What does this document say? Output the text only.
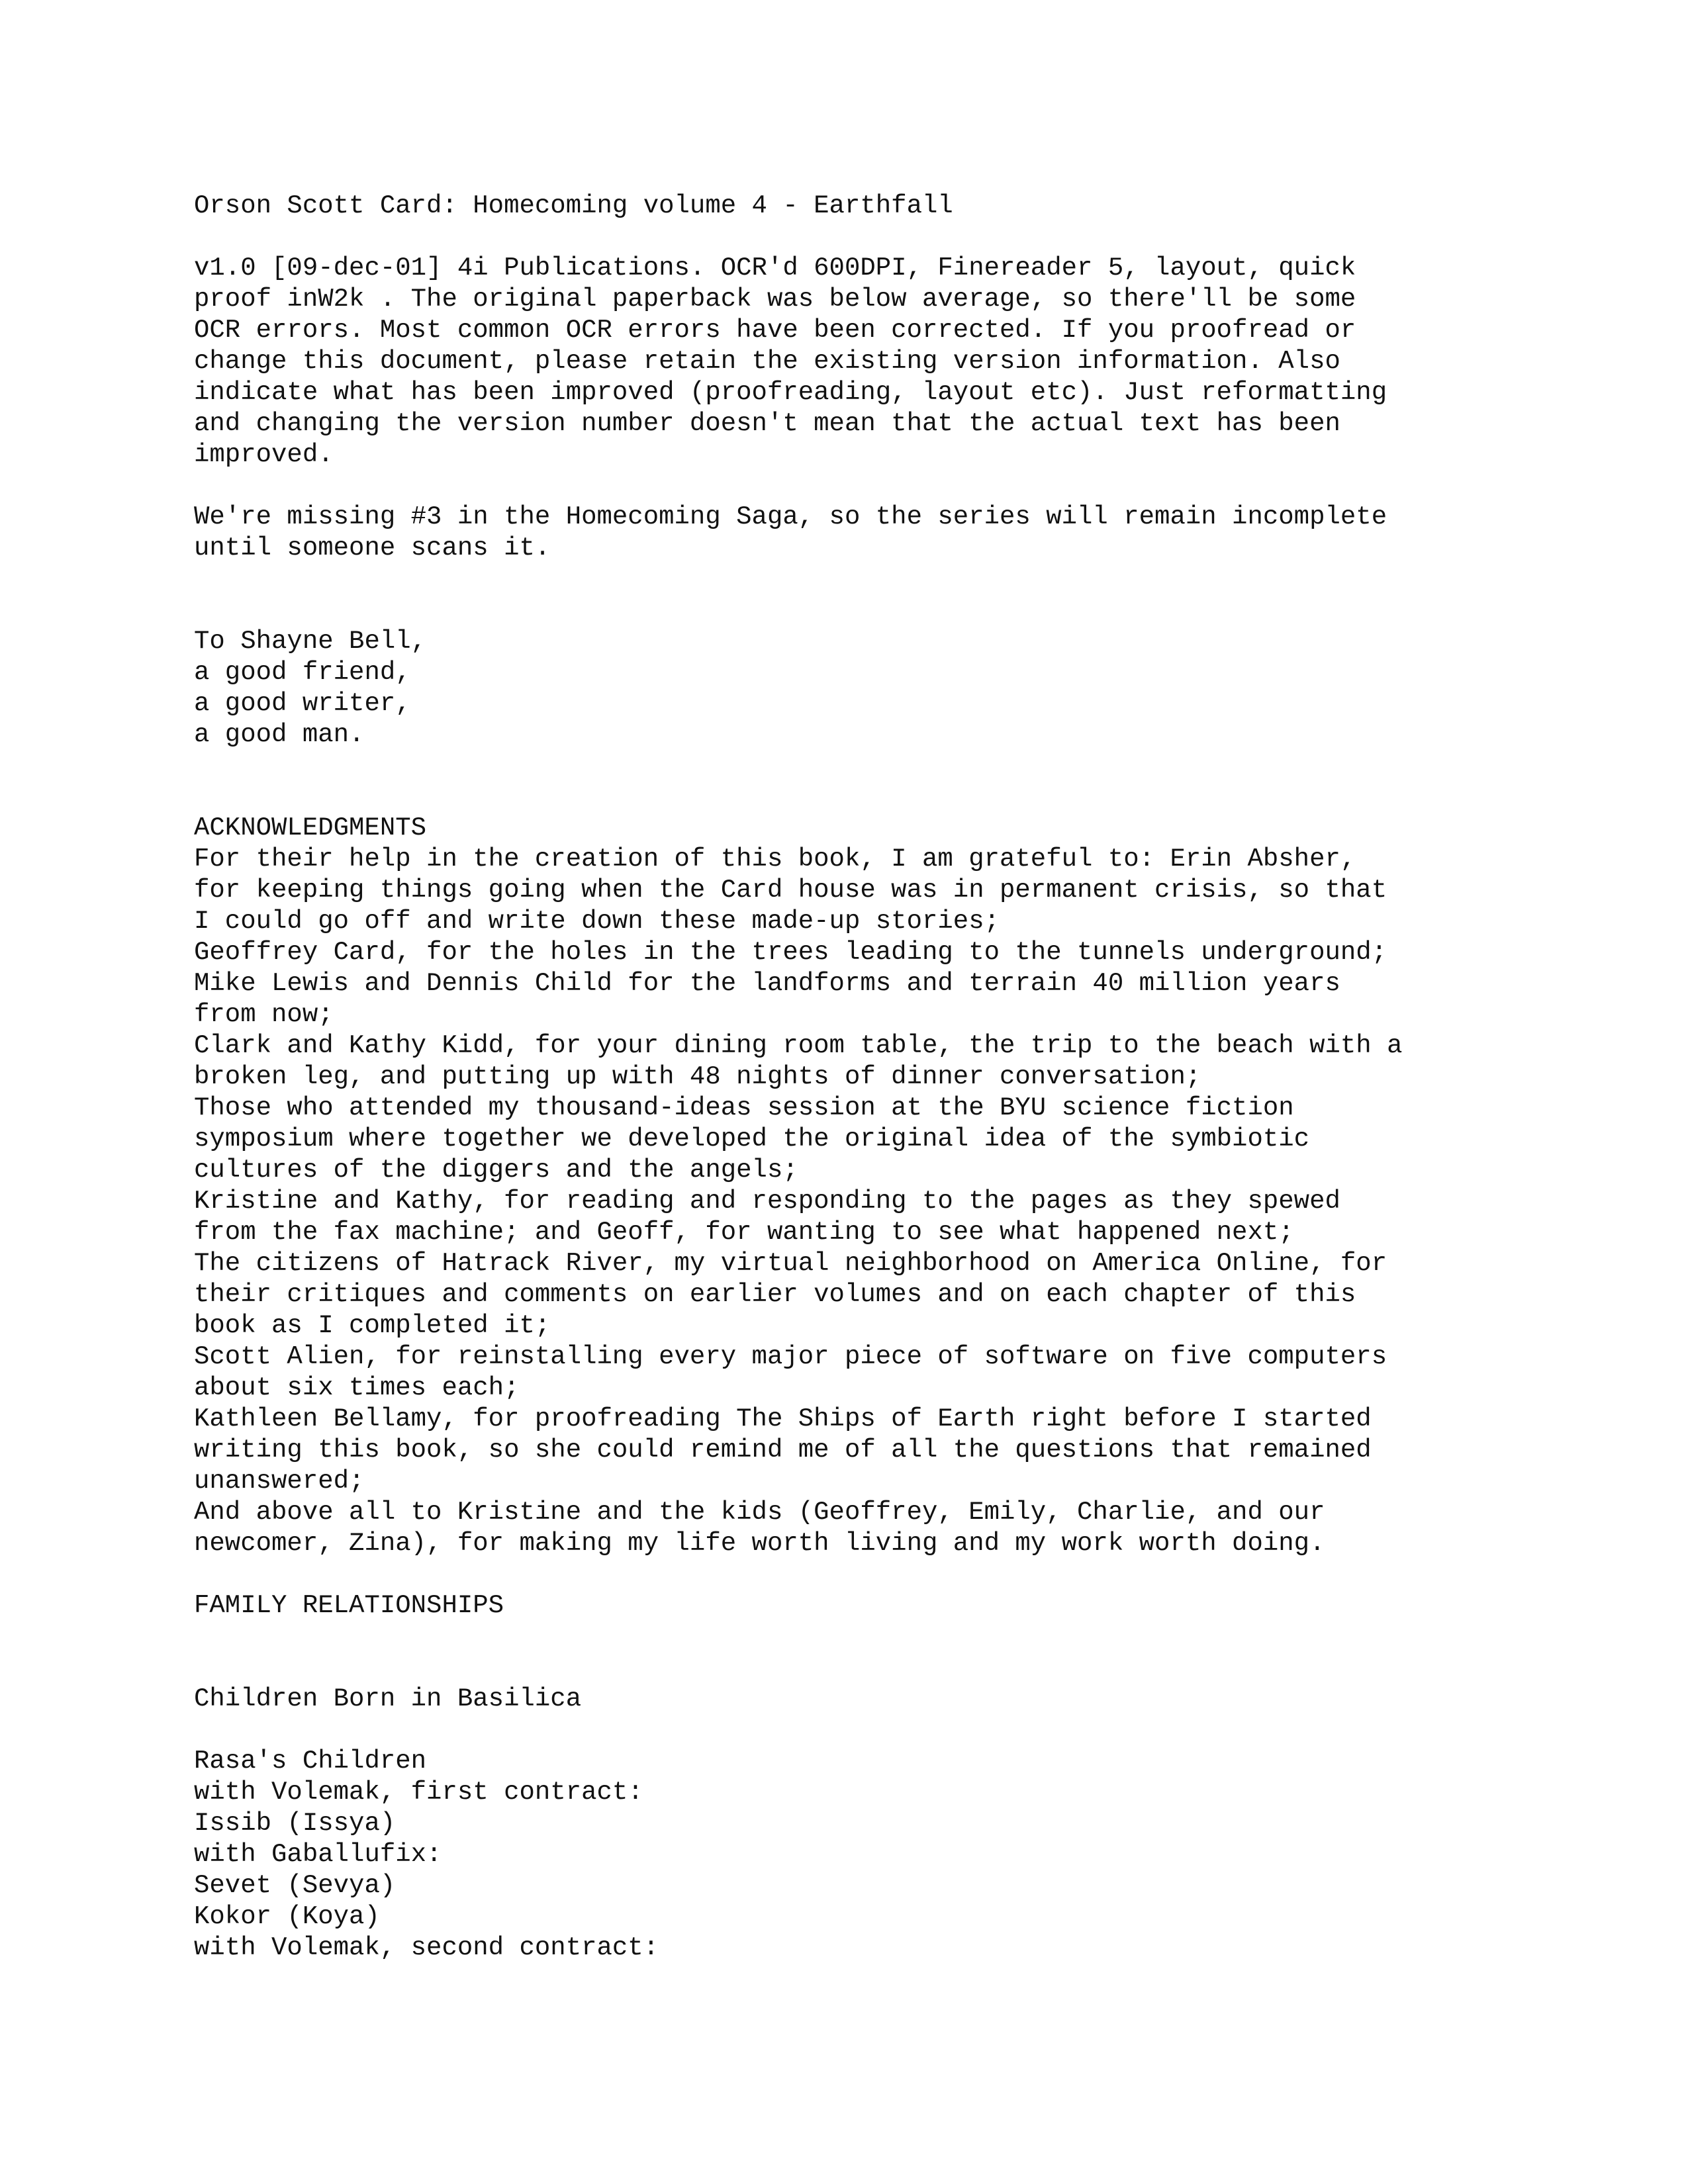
Orson Scott Card: Homecoming volume 4 - Earthfall
v1.0 [09-dec-01] 4i Publications. OCR'd 600DPI, Finereader 5, layout, quick
proof inW2k . The original paperback was below average, so there'll be some
OCR errors. Most common OCR errors have been corrected. If you proofread or
change this document, please retain the existing version information. Also
indicate what has been improved (proofreading, layout etc). Just reformatting
and changing the version number doesn't mean that the actual text has been
improved.
We're missing #3 in the Homecoming Saga, so the series will remain incomplete
until someone scans it.
To Shayne Bell,
a good friend,
a good writer,
a good man.
ACKNOWLEDGMENTS
For their help in the creation of this book, I am grateful to: Erin Absher,
for keeping things going when the Card house was in permanent crisis, so that
I could go off and write down these made-up stories;
Geoffrey Card, for the holes in the trees leading to the tunnels underground;
Mike Lewis and Dennis Child for the landforms and terrain 40 million years
from now;
Clark and Kathy Kidd, for your dining room table, the trip to the beach with a
broken leg, and putting up with 48 nights of dinner conversation;
Those who attended my thousand-ideas session at the BYU science fiction
symposium where together we developed the original idea of the symbiotic
cultures of the diggers and the angels;
Kristine and Kathy, for reading and responding to the pages as they spewed
from the fax machine; and Geoff, for wanting to see what happened next;
The citizens of Hatrack River, my virtual neighborhood on America Online, for
their critiques and comments on earlier volumes and on each chapter of this
book as I completed it;
Scott Alien, for reinstalling every major piece of software on five computers
about six times each;
Kathleen Bellamy, for proofreading The Ships of Earth right before I started
writing this book, so she could remind me of all the questions that remained
unanswered;
And above all to Kristine and the kids (Geoffrey, Emily, Charlie, and our
newcomer, Zina), for making my life worth living and my work worth doing.
FAMILY RELATIONSHIPS
Children Born in Basilica
Rasa's Children
with Volemak, first contract:
Issib (Issya)
with Gaballufix:
Sevet (Sevya)
Kokor (Koya)
with Volemak, second contract:
